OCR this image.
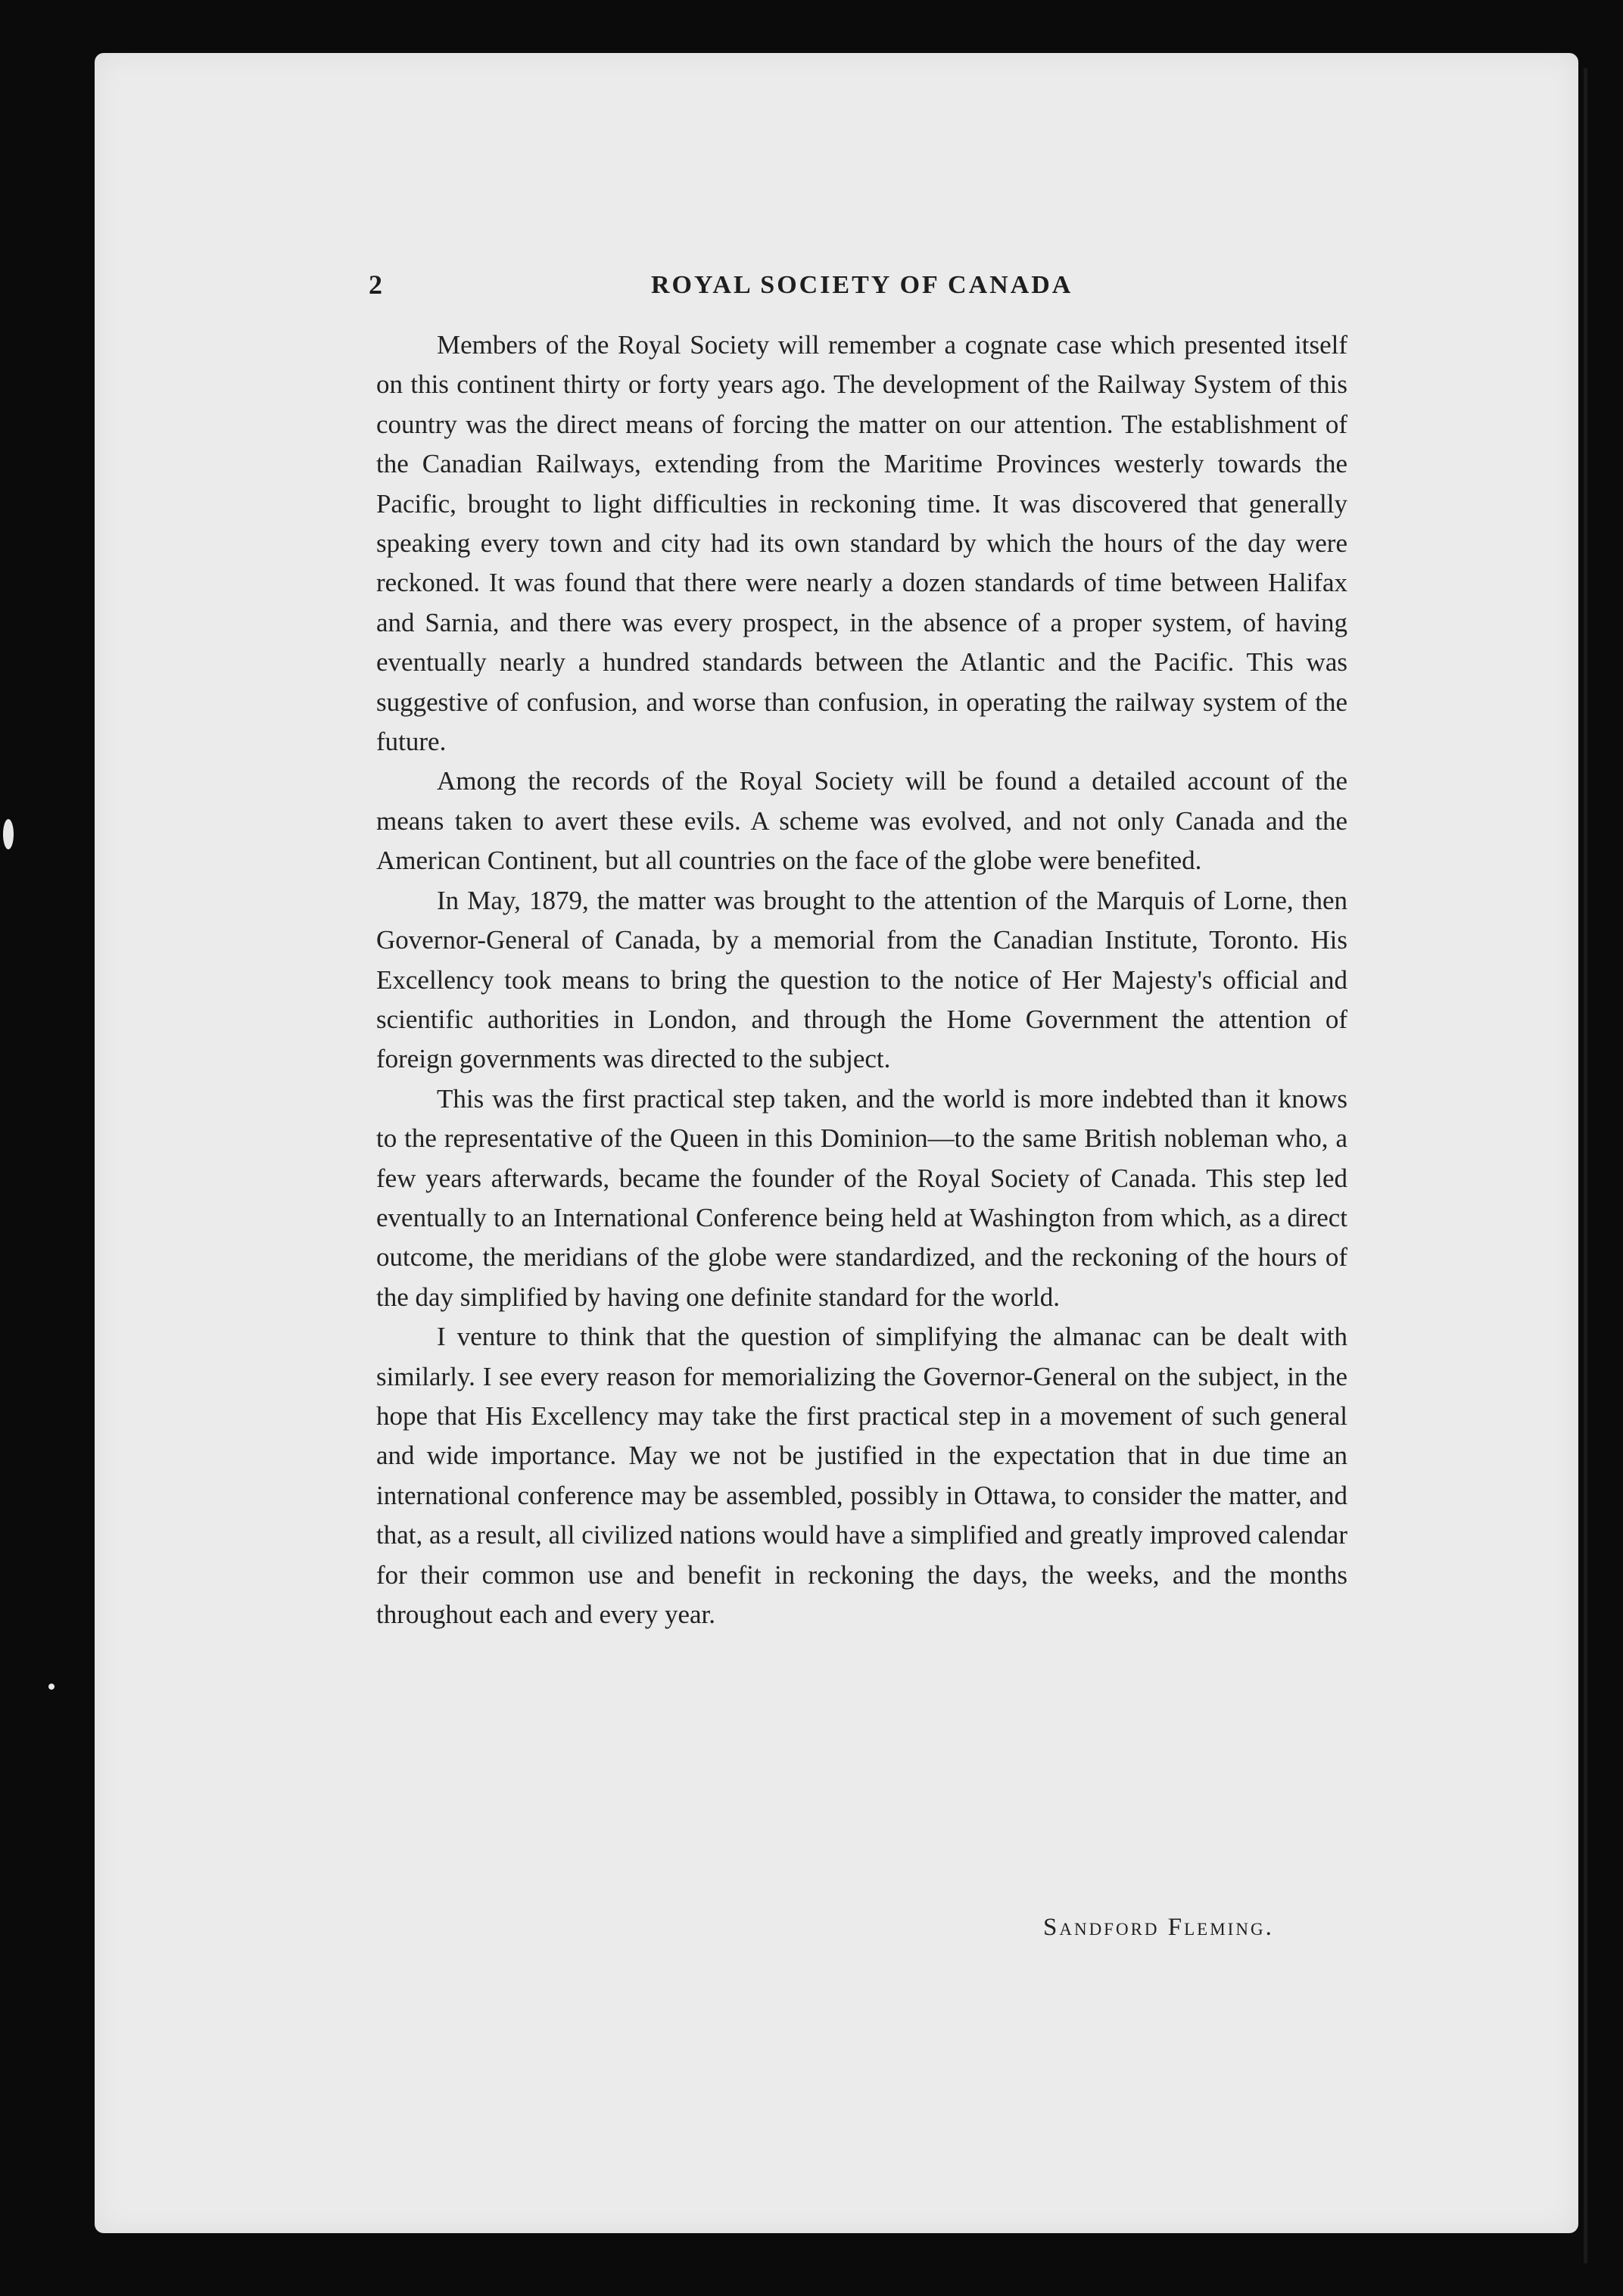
2	ROYAL SOCIETY OF CANADA

Members of the Royal Society will remember a cognate case which presented itself on this continent thirty or forty years ago. The development of the Railway System of this country was the direct means of forcing the matter on our attention. The establishment of the Canadian Railways, extending from the Maritime Provinces westerly towards the Pacific, brought to light difficulties in reckoning time. It was discovered that generally speaking every town and city had its own standard by which the hours of the day were reckoned. It was found that there were nearly a dozen standards of time between Halifax and Sarnia, and there was every prospect, in the absence of a proper system, of having eventually nearly a hundred standards between the Atlantic and the Pacific. This was suggestive of confusion, and worse than confusion, in operating the railway system of the future.

Among the records of the Royal Society will be found a detailed account of the means taken to avert these evils. A scheme was evolved, and not only Canada and the American Continent, but all countries on the face of the globe were benefited.

In May, 1879, the matter was brought to the attention of the Marquis of Lorne, then Governor-General of Canada, by a memorial from the Canadian Institute, Toronto. His Excellency took means to bring the question to the notice of Her Majesty's official and scientific authorities in London, and through the Home Government the attention of foreign governments was directed to the subject.

This was the first practical step taken, and the world is more indebted than it knows to the representative of the Queen in this Dominion—to the same British nobleman who, a few years afterwards, became the founder of the Royal Society of Canada. This step led eventually to an International Conference being held at Washington from which, as a direct outcome, the meridians of the globe were standardized, and the reckoning of the hours of the day simplified by having one definite standard for the world.

I venture to think that the question of simplifying the almanac can be dealt with similarly. I see every reason for memorializing the Governor-General on the subject, in the hope that His Excellency may take the first practical step in a movement of such general and wide importance. May we not be justified in the expectation that in due time an international conference may be assembled, possibly in Ottawa, to consider the matter, and that, as a result, all civilized nations would have a simplified and greatly improved calendar for their common use and benefit in reckoning the days, the weeks, and the months throughout each and every year.

Sandford Fleming.
